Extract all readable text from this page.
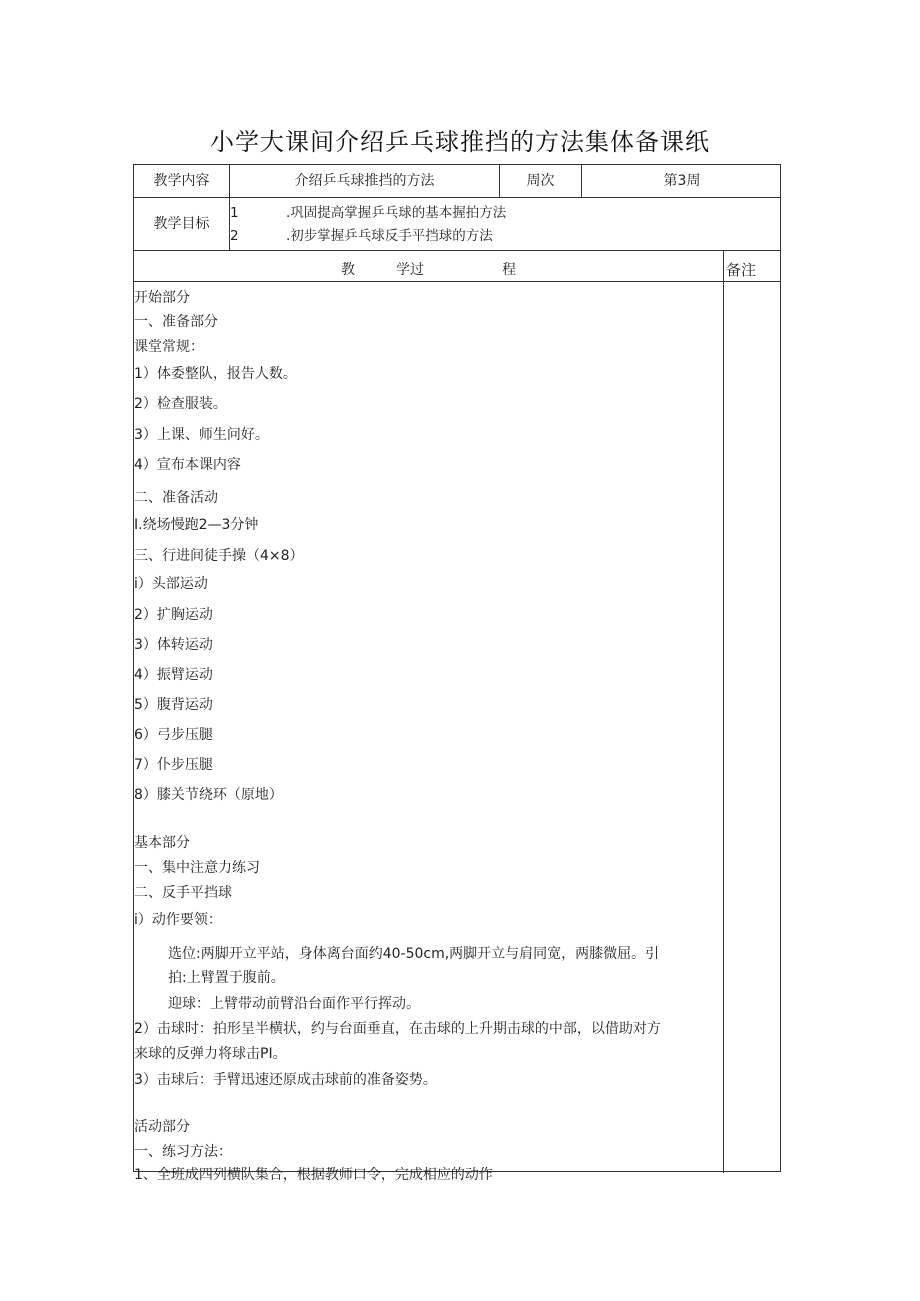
小学大课间介绍乒乓球推挡的方法集体备课纸
教学内容	介绍乒乓球推挡的方法	周次	第3周
教学目标
1	.巩固提高掌握乒乓球的基本握拍方法
2	.初步掌握乒乓球反手平挡球的方法
教	学过	程	备注
开始部分
一、准备部分
课堂常规：
1）体委整队，报告人数。
2）检查服装。
3）上课、师生问好。
4）宣布本课内容
二、准备活动
I.绕场慢跑2—3分钟
三、行进间徒手操（4×8）
i）头部运动
2）扩胸运动
3）体转运动
4）振臂运动
5）腹背运动
6）弓步压腿
7）仆步压腿
8）膝关节绕环（原地）
基本部分
一、集中注意力练习
二、反手平挡球
i）动作要领：
选位:两脚开立平站，身体离台面约40-50cm,两脚开立与肩同宽，两膝微屈。引
拍:上臂置于腹前。
迎球：上臂带动前臂沿台面作平行挥动。
2）击球时：拍形呈半横状，约与台面垂直，在击球的上升期击球的中部，以借助对方
来球的反弹力将球击PI。
3）击球后：手臂迅速还原成击球前的准备姿势。
活动部分
一、练习方法：
1、全班成四列横队集合，根据教师口令，完成相应的动作
